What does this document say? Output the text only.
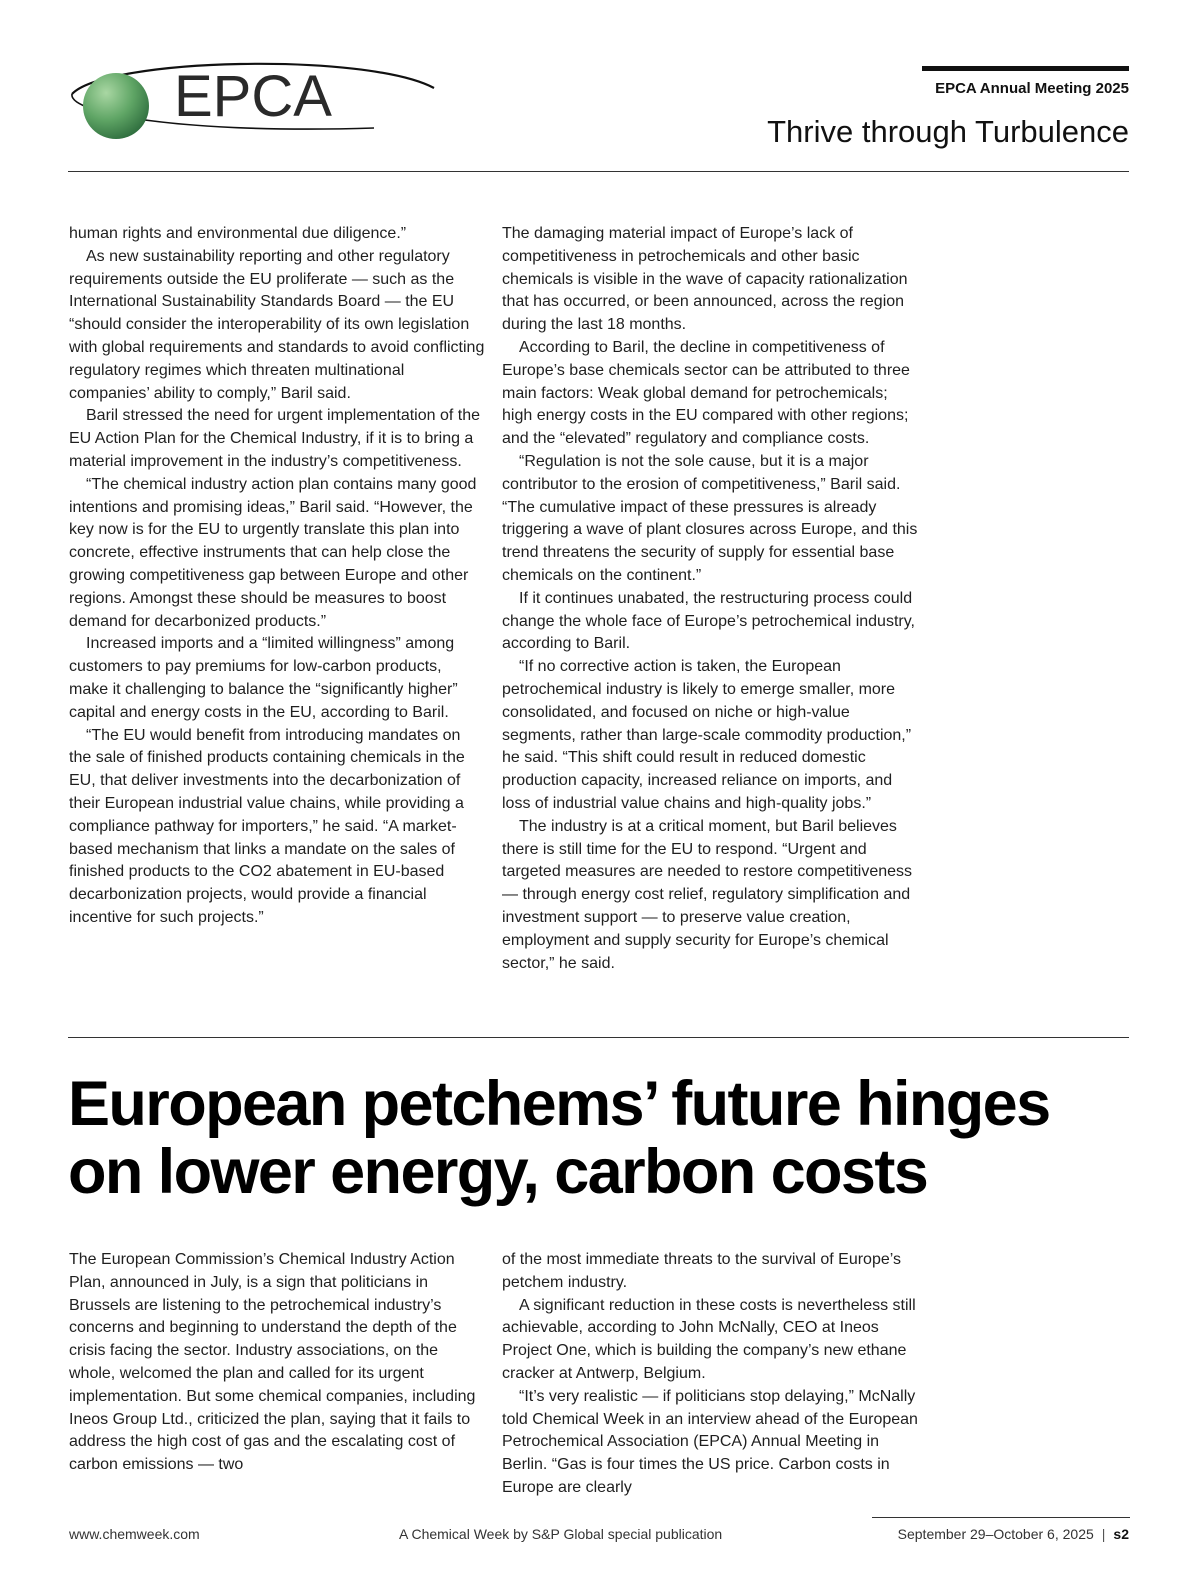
EPCA	EPCA Annual Meeting 2025
Thrive through Turbulence

human rights and environmental due diligence.”

As new sustainability reporting and other regulatory requirements outside the EU proliferate — such as the International Sustainability Standards Board — the EU “should consider the interoperability of its own legislation with global requirements and standards to avoid conflicting regulatory regimes which threaten multinational companies’ ability to comply,” Baril said.

Baril stressed the need for urgent implementation of the EU Action Plan for the Chemical Industry, if it is to bring a material improvement in the industry’s competitiveness.

“The chemical industry action plan contains many good intentions and promising ideas,” Baril said. “However, the key now is for the EU to urgently translate this plan into concrete, effective instruments that can help close the growing competitiveness gap between Europe and other regions. Amongst these should be measures to boost demand for decarbonized products.”

Increased imports and a “limited willingness” among customers to pay premiums for low-carbon products, make it challenging to balance the “significantly higher” capital and energy costs in the EU, according to Baril.

“The EU would benefit from introducing mandates on the sale of finished products containing chemicals in the EU, that deliver investments into the decarbonization of their European industrial value chains, while providing a compliance pathway for importers,” he said. “A market-based mechanism that links a mandate on the sales of finished products to the CO2 abatement in EU-based decarbonization projects, would provide a financial incentive for such projects.”

The damaging material impact of Europe’s lack of competitiveness in petrochemicals and other basic chemicals is visible in the wave of capacity rationalization that has occurred, or been announced, across the region during the last 18 months.

According to Baril, the decline in competitiveness of Europe’s base chemicals sector can be attributed to three main factors: Weak global demand for petrochemicals; high energy costs in the EU compared with other regions; and the “elevated” regulatory and compliance costs.

“Regulation is not the sole cause, but it is a major contributor to the erosion of competitiveness,” Baril said. “The cumulative impact of these pressures is already triggering a wave of plant closures across Europe, and this trend threatens the security of supply for essential base chemicals on the continent.”

If it continues unabated, the restructuring process could change the whole face of Europe’s petrochemical industry, according to Baril.

“If no corrective action is taken, the European petrochemical industry is likely to emerge smaller, more consolidated, and focused on niche or high-value segments, rather than large-scale commodity production,” he said. “This shift could result in reduced domestic production capacity, increased reliance on imports, and loss of industrial value chains and high-quality jobs.”

The industry is at a critical moment, but Baril believes there is still time for the EU to respond. “Urgent and targeted measures are needed to restore competitiveness — through energy cost relief, regulatory simplification and investment support — to preserve value creation, employment and supply security for Europe’s chemical sector,” he said.

European petchems’ future hinges on lower energy, carbon costs

The European Commission’s Chemical Industry Action Plan, announced in July, is a sign that politicians in Brussels are listening to the petrochemical industry’s concerns and beginning to understand the depth of the crisis facing the sector. Industry associations, on the whole, welcomed the plan and called for its urgent implementation. But some chemical companies, including Ineos Group Ltd., criticized the plan, saying that it fails to address the high cost of gas and the escalating cost of carbon emissions — two

of the most immediate threats to the survival of Europe’s petchem industry.

A significant reduction in these costs is nevertheless still achievable, according to John McNally, CEO at Ineos Project One, which is building the company’s new ethane cracker at Antwerp, Belgium.

“It’s very realistic — if politicians stop delaying,” McNally told Chemical Week in an interview ahead of the European Petrochemical Association (EPCA) Annual Meeting in Berlin. “Gas is four times the US price. Carbon costs in Europe are clearly

www.chemweek.com	A Chemical Week by S&P Global special publication	September 29–October 6, 2025 | s2
